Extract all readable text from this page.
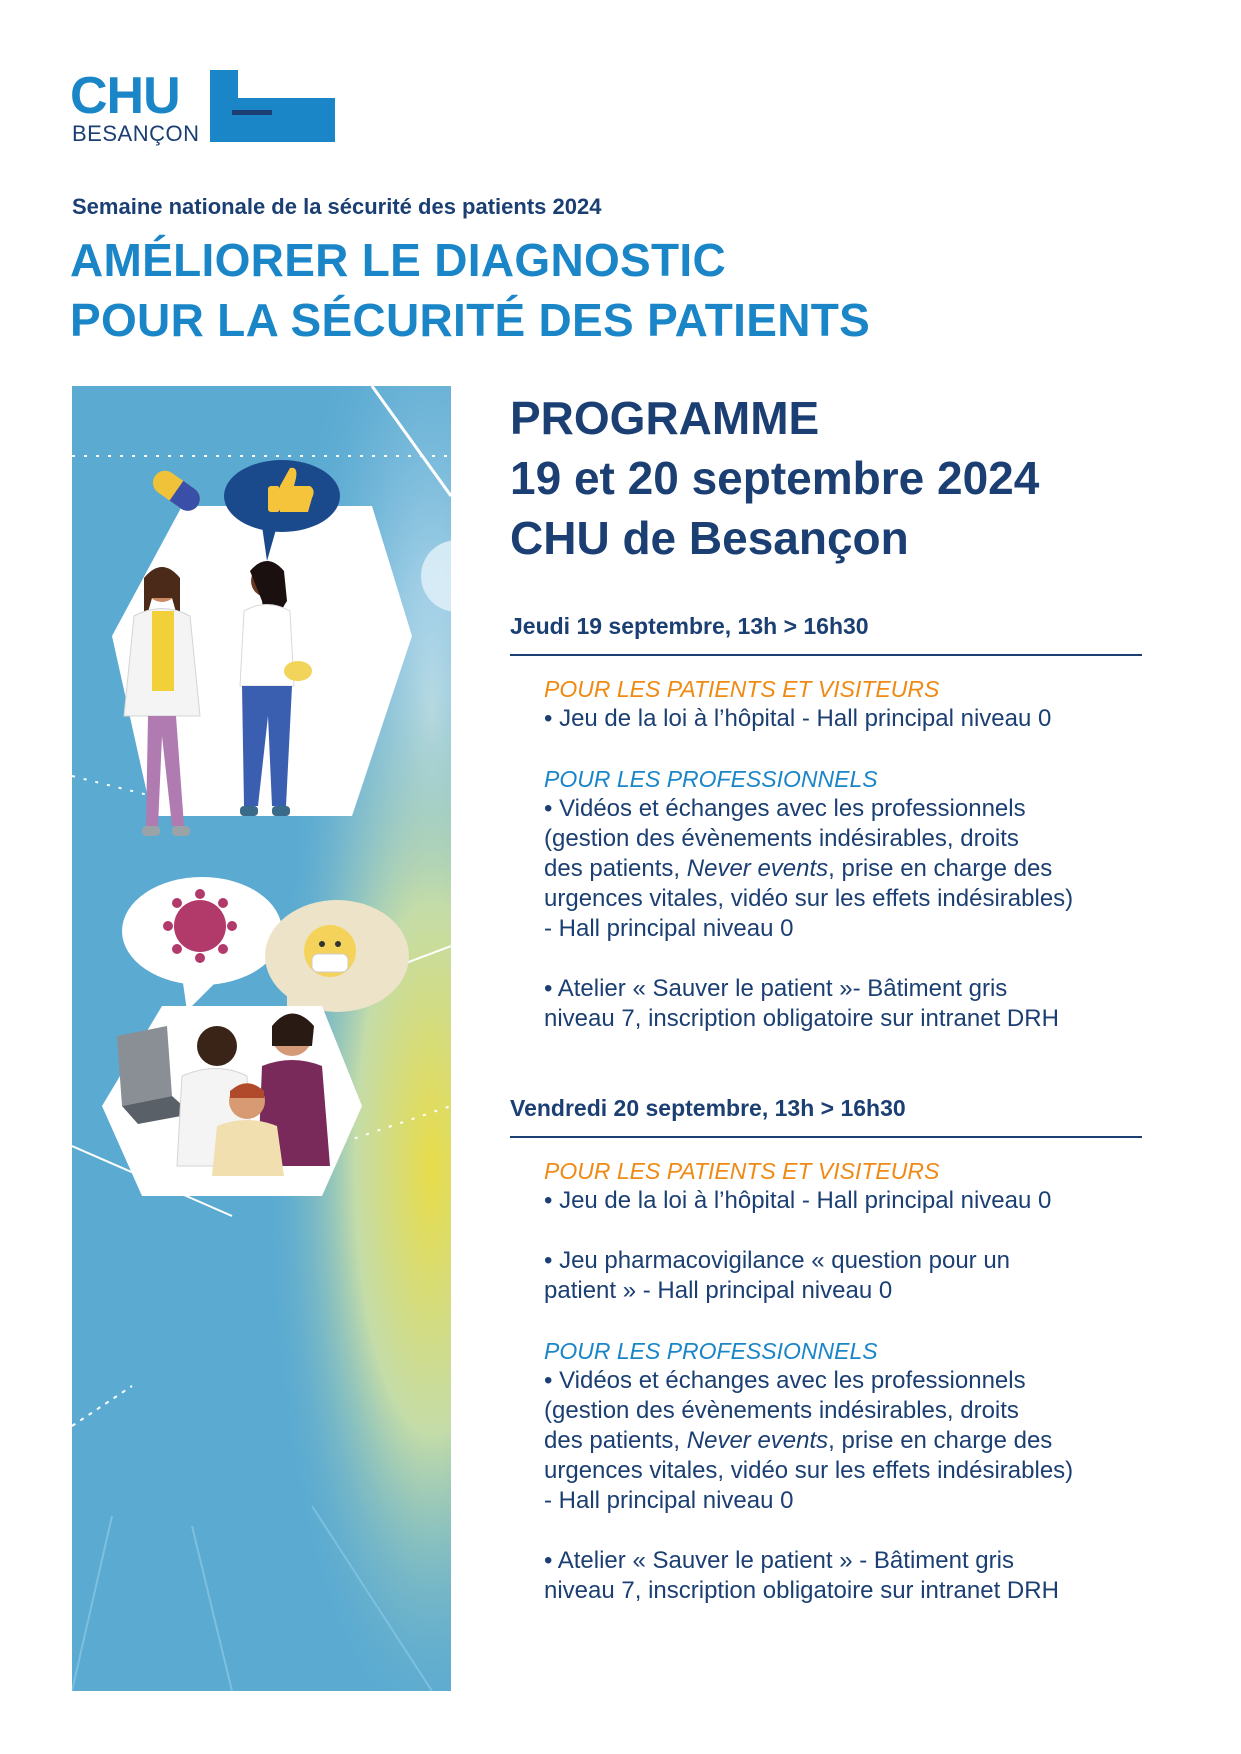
CHU
BESANÇON
Semaine nationale de la sécurité des patients 2024
AMÉLIORER LE DIAGNOSTIC
POUR LA SÉCURITÉ DES PATIENTS
PROGRAMME
19 et 20 septembre 2024
CHU de Besançon
Jeudi 19 septembre, 13h > 16h30
POUR LES PATIENTS ET VISITEURS
• Jeu de la loi à l’hôpital - Hall principal niveau 0
POUR LES PROFESSIONNELS
• Vidéos et échanges avec les professionnels
(gestion des évènements indésirables, droits
des patients, Never events, prise en charge des
urgences vitales, vidéo sur les effets indésirables)
- Hall principal niveau 0
• Atelier « Sauver le patient »- Bâtiment gris
niveau 7, inscription obligatoire sur intranet DRH
Vendredi 20 septembre, 13h > 16h30
POUR LES PATIENTS ET VISITEURS
• Jeu de la loi à l’hôpital - Hall principal niveau 0
• Jeu pharmacovigilance « question pour un
patient » - Hall principal niveau 0
POUR LES PROFESSIONNELS
• Vidéos et échanges avec les professionnels
(gestion des évènements indésirables, droits
des patients, Never events, prise en charge des
urgences vitales, vidéo sur les effets indésirables)
- Hall principal niveau 0
• Atelier « Sauver le patient » - Bâtiment gris
niveau 7, inscription obligatoire sur intranet DRH
